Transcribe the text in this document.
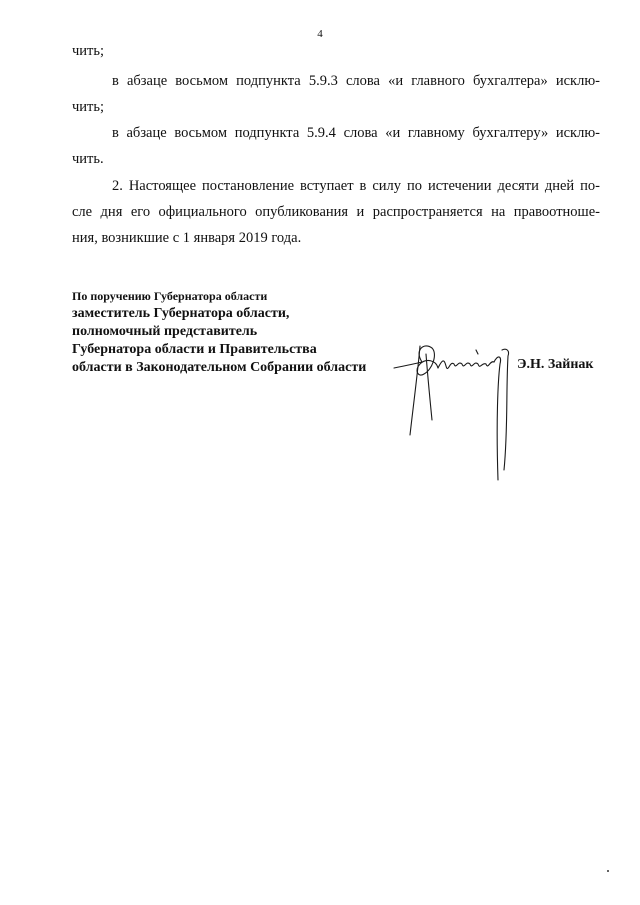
4
чить;
в абзаце восьмом подпункта 5.9.3 слова «и главного бухгалтера» исклю-
чить;
в абзаце восьмом подпункта 5.9.4 слова «и главному бухгалтеру» исклю-
чить.
2. Настоящее постановление вступает в силу по истечении десяти дней по-
сле дня его официального опубликования и распространяется на правоотноше-
ния, возникшие с 1 января 2019 года.
По поручению Губернатора области
заместитель Губернатора области,
полномочный представитель
Губернатора области и Правительства
области в Законодательном Собрании области	Э.Н. Зайнак
